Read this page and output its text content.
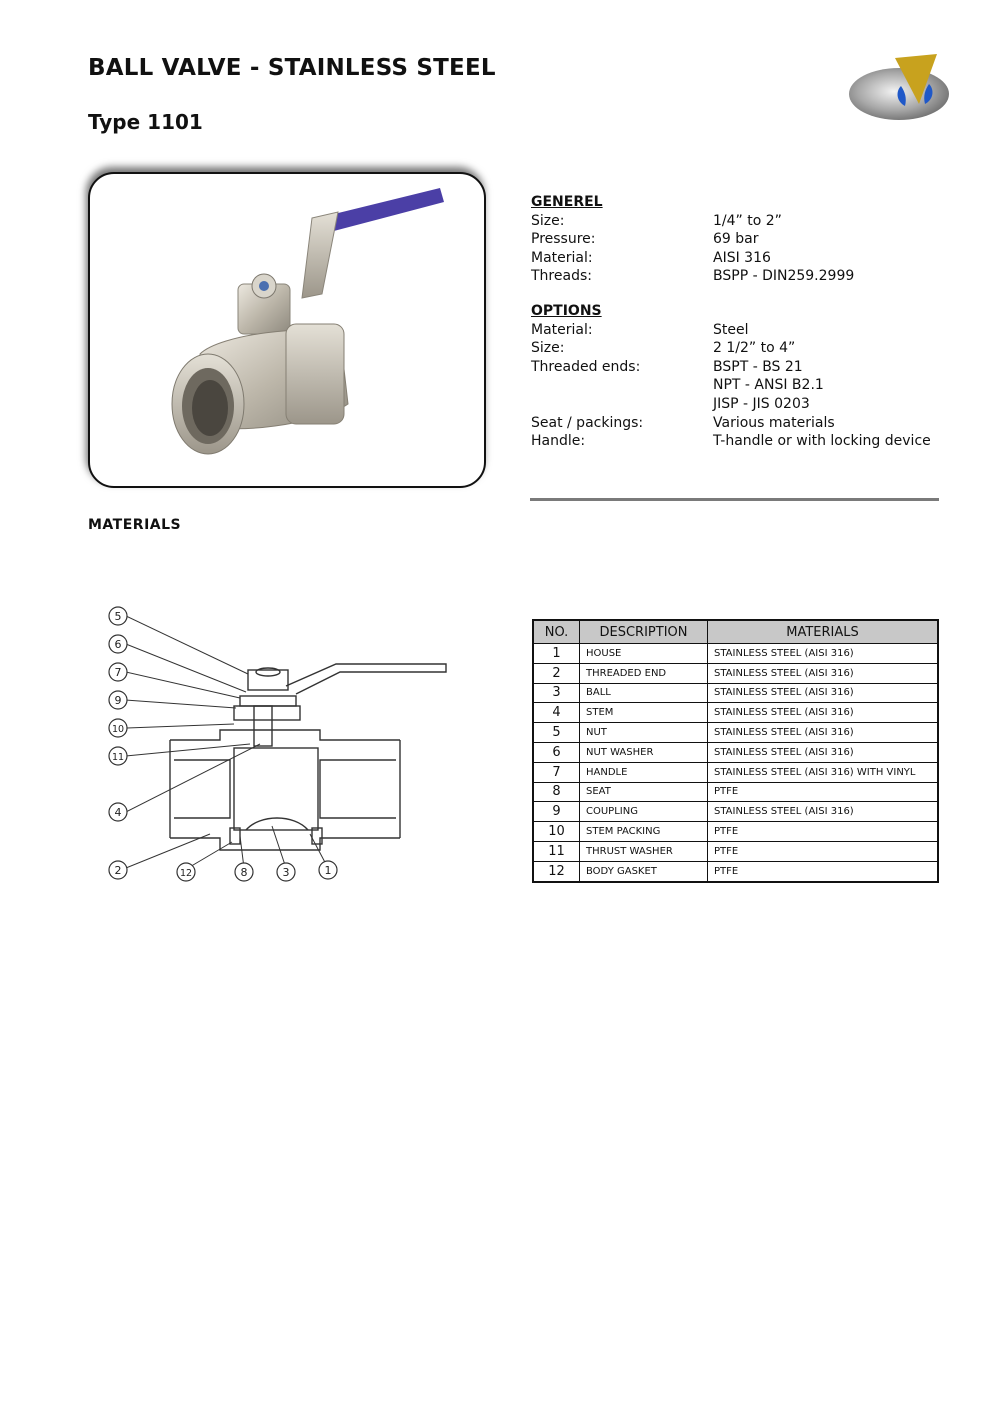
BALL VALVE - STAINLESS STEEL
Type 1101
GENEREL
Size:	1/4” to 2”
Pressure:	69 bar
Material:	AISI 316
Threads:	BSPP - DIN259.2999
OPTIONS
Material:	Steel
Size:	2 1/2” to 4”
Threaded ends:	BSPT - BS 21
NPT - ANSI B2.1
JISP - JIS 0203
Seat / packings:	Various materials
Handle:	T-handle or with locking device
MATERIALS
5
6
7
9
10
11
4
2	12	8	3	1
NO.	DESCRIPTION	MATERIALS
1	HOUSE	STAINLESS STEEL (AISI 316)
2	THREADED END	STAINLESS STEEL (AISI 316)
3	BALL	STAINLESS STEEL (AISI 316)
4	STEM	STAINLESS STEEL (AISI 316)
5	NUT	STAINLESS STEEL (AISI 316)
6	NUT WASHER	STAINLESS STEEL (AISI 316)
7	HANDLE	STAINLESS STEEL (AISI 316) WITH VINYL
8	SEAT	PTFE
9	COUPLING	STAINLESS STEEL (AISI 316)
10	STEM PACKING	PTFE
11	THRUST WASHER	PTFE
12	BODY GASKET	PTFE
